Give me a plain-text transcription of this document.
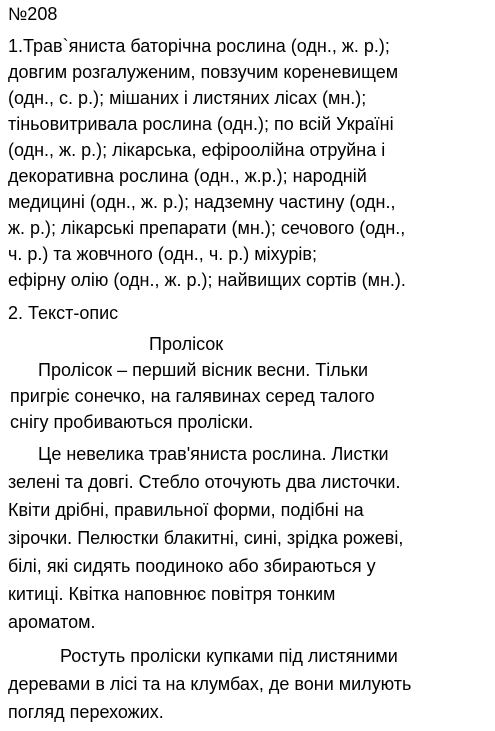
№208
1.Трав`яниста баторічна рослина (одн., ж. р.);
довгим розгалуженим, повзучим кореневищем
(одн., с. р.); мішаних і листяних лісах (мн.);
тіньовитривала рослина (одн.); по всій Україні
(одн., ж. р.); лікарська, ефіроолійна отруйна і
декоративна рослина (одн., ж.р.); народній
медицині (одн., ж. р.); надземну частину (одн.,
ж. р.); лікарські препарати (мн.); сечового (одн.,
ч. р.) та жовчного (одн., ч. р.) міхурів;
ефірну олію (одн., ж. р.); найвищих сортів (мн.).
2. Текст-опис
Пролісок
Пролісок – перший вісник весни. Тільки
пригріє сонечко, на галявинах серед талого
снігу пробиваються проліски.
Це невелика трав'яниста рослина. Листки
зелені та довгі. Стебло оточують два листочки.
Квіти дрібні, правильної форми, подібні на
зірочки. Пелюстки блакитні, сині, зрідка рожеві,
білі, які сидять поодиноко або збираються у
китиці. Квітка наповнює повітря тонким
ароматом.
Ростуть проліски купками під листяними
деревами в лісі та на клумбах, де вони милують
погляд перехожих.
